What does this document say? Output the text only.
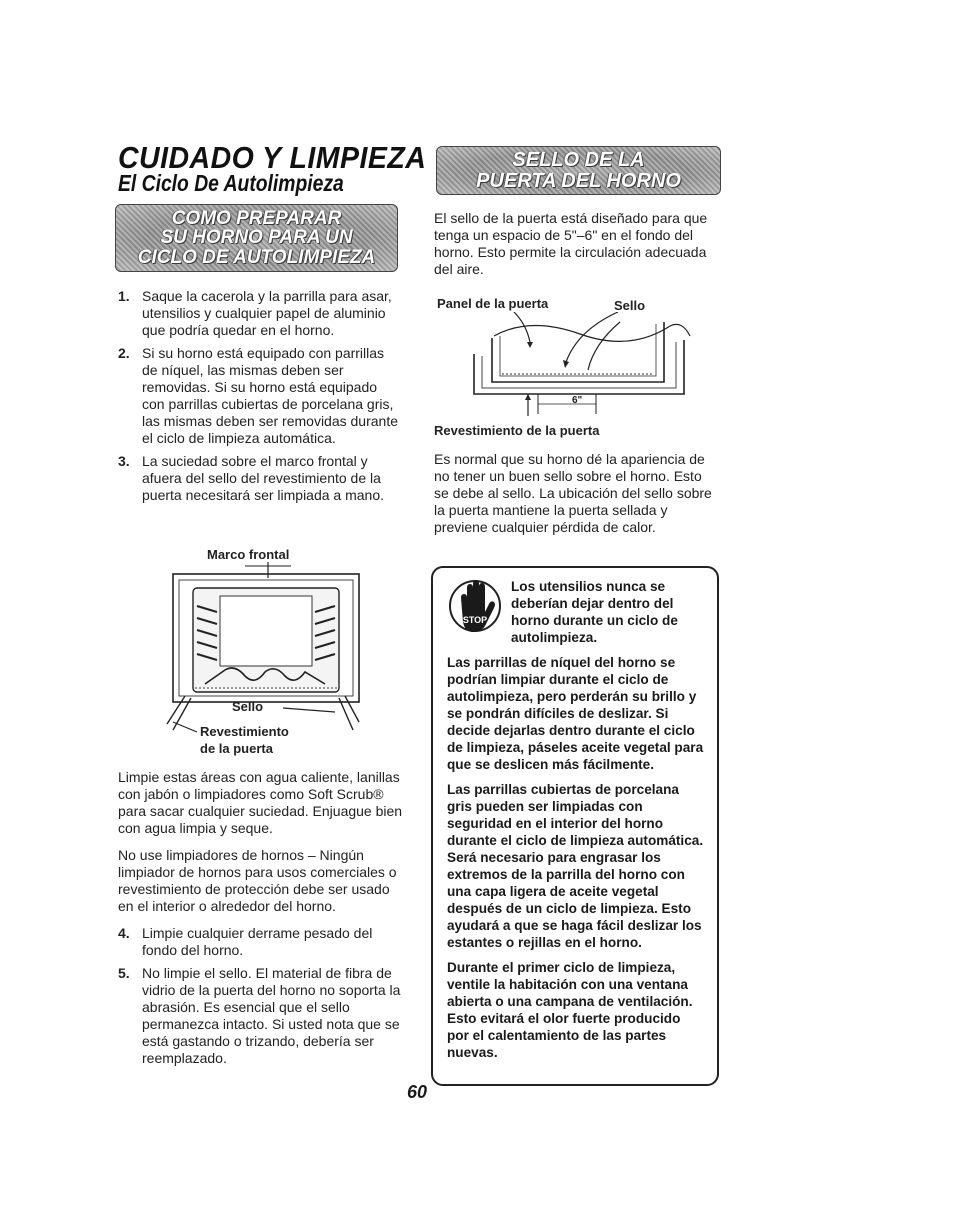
CUIDADO Y LIMPIEZA
El Ciclo De Autolimpieza
COMO PREPARAR
SU HORNO PARA UN
CICLO DE AUTOLIMPIEZA
1. Saque la cacerola y la parrilla para asar, utensilios y cualquier papel de aluminio que podría quedar en el horno.
2. Si su horno está equipado con parrillas de níquel, las mismas deben ser removidas. Si su horno está equipado con parrillas cubiertas de porcelana gris, las mismas deben ser removidas durante el ciclo de limpieza automática.
3. La suciedad sobre el marco frontal y afuera del sello del revestimiento de la puerta necesitará ser limpiada a mano.
Marco frontal
Sello
Revestimiento
de la puerta

Limpie estas áreas con agua caliente, lanillas con jabón o limpiadores como Soft Scrub® para sacar cualquier suciedad. Enjuague bien con agua limpia y seque.

No use limpiadores de hornos – Ningún limpiador de hornos para usos comerciales o revestimiento de protección debe ser usado en el interior o alrededor del horno.

4. Limpie cualquier derrame pesado del fondo del horno.
5. No limpie el sello. El material de fibra de vidrio de la puerta del horno no soporta la abrasión. Es esencial que el sello permanezca intacto. Si usted nota que se está gastando o trizando, debería ser reemplazado.
SELLO DE LA
PUERTA DEL HORNO
El sello de la puerta está diseñado para que tenga un espacio de 5"–6" en el fondo del horno. Esto permite la circulación adecuada del aire.
Panel de la puerta	Sello
6"
Revestimiento de la puerta
Es normal que su horno dé la apariencia de no tener un buen sello sobre el horno. Esto se debe al sello. La ubicación del sello sobre la puerta mantiene la puerta sellada y previene cualquier pérdida de calor.
STOP

Los utensilios nunca se deberían dejar dentro del horno durante un ciclo de autolimpieza.

Las parrillas de níquel del horno se podrían limpiar durante el ciclo de autolimpieza, pero perderán su brillo y se pondrán difíciles de deslizar. Si decide dejarlas dentro durante el ciclo de limpieza, páseles aceite vegetal para que se deslicen más fácilmente.

Las parrillas cubiertas de porcelana gris pueden ser limpiadas con seguridad en el interior del horno durante el ciclo de limpieza automática. Será necesario para engrasar los extremos de la parrilla del horno con una capa ligera de aceite vegetal después de un ciclo de limpieza. Esto ayudará a que se haga fácil deslizar los estantes o rejillas en el horno.

Durante el primer ciclo de limpieza, ventile la habitación con una ventana abierta o una campana de ventilación. Esto evitará el olor fuerte producido por el calentamiento de las partes nuevas.

60
